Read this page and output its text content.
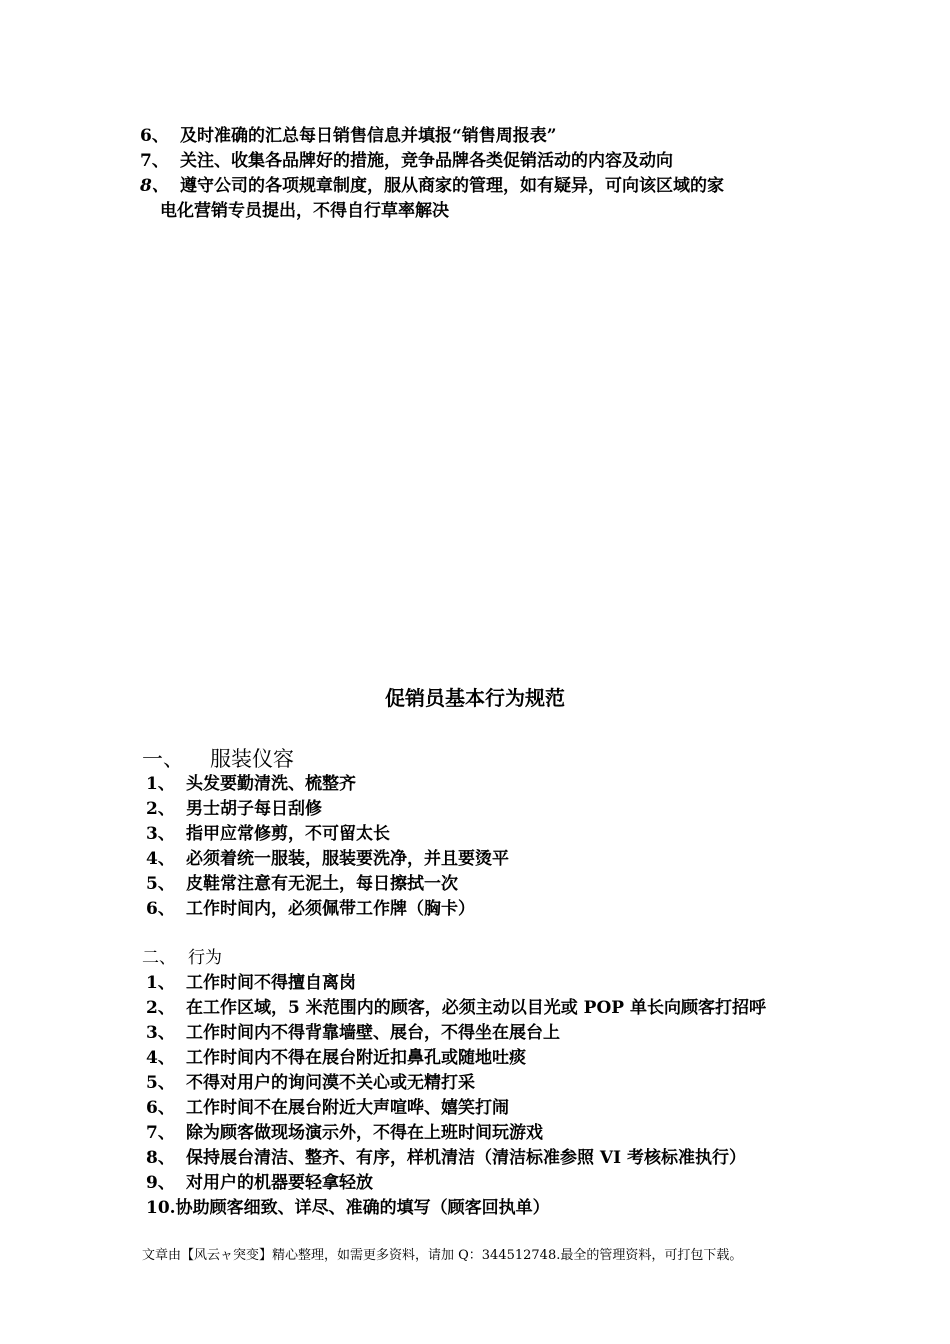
6、 及时准确的汇总每日销售信息并填报“销售周报表”
7、 关注、收集各品牌好的措施，竞争品牌各类促销活动的内容及动向
8、 遵守公司的各项规章制度，服从商家的管理，如有疑异，可向该区域的家
电化营销专员提出，不得自行草率解决
促销员基本行为规范
一、 服装仪容
1、 头发要勤清洗、梳整齐
2、 男士胡子每日刮修
3、 指甲应常修剪，不可留太长
4、 必须着统一服装，服装要洗净，并且要烫平
5、 皮鞋常注意有无泥土，每日擦拭一次
6、 工作时间内，必须佩带工作牌（胸卡）
二、 行为
1、 工作时间不得擅自离岗
2、 在工作区域，5 米范围内的顾客，必须主动以目光或 POP 单长向顾客打招呼
3、 工作时间内不得背靠墙壁、展台，不得坐在展台上
4、 工作时间内不得在展台附近扣鼻孔或随地吐痰
5、 不得对用户的询问漠不关心或无精打采
6、 工作时间不在展台附近大声喧哗、嬉笑打闹
7、 除为顾客做现场演示外，不得在上班时间玩游戏
8、 保持展台清洁、整齐、有序，样机清洁（清洁标准参照 VI 考核标准执行）
9、 对用户的机器要轻拿轻放
10.协助顾客细致、详尽、准确的填写（顾客回执单）
文章由【风云ャ突变】精心整理，如需更多资料，请加 Q：344512748.最全的管理资料，可打包下载。
